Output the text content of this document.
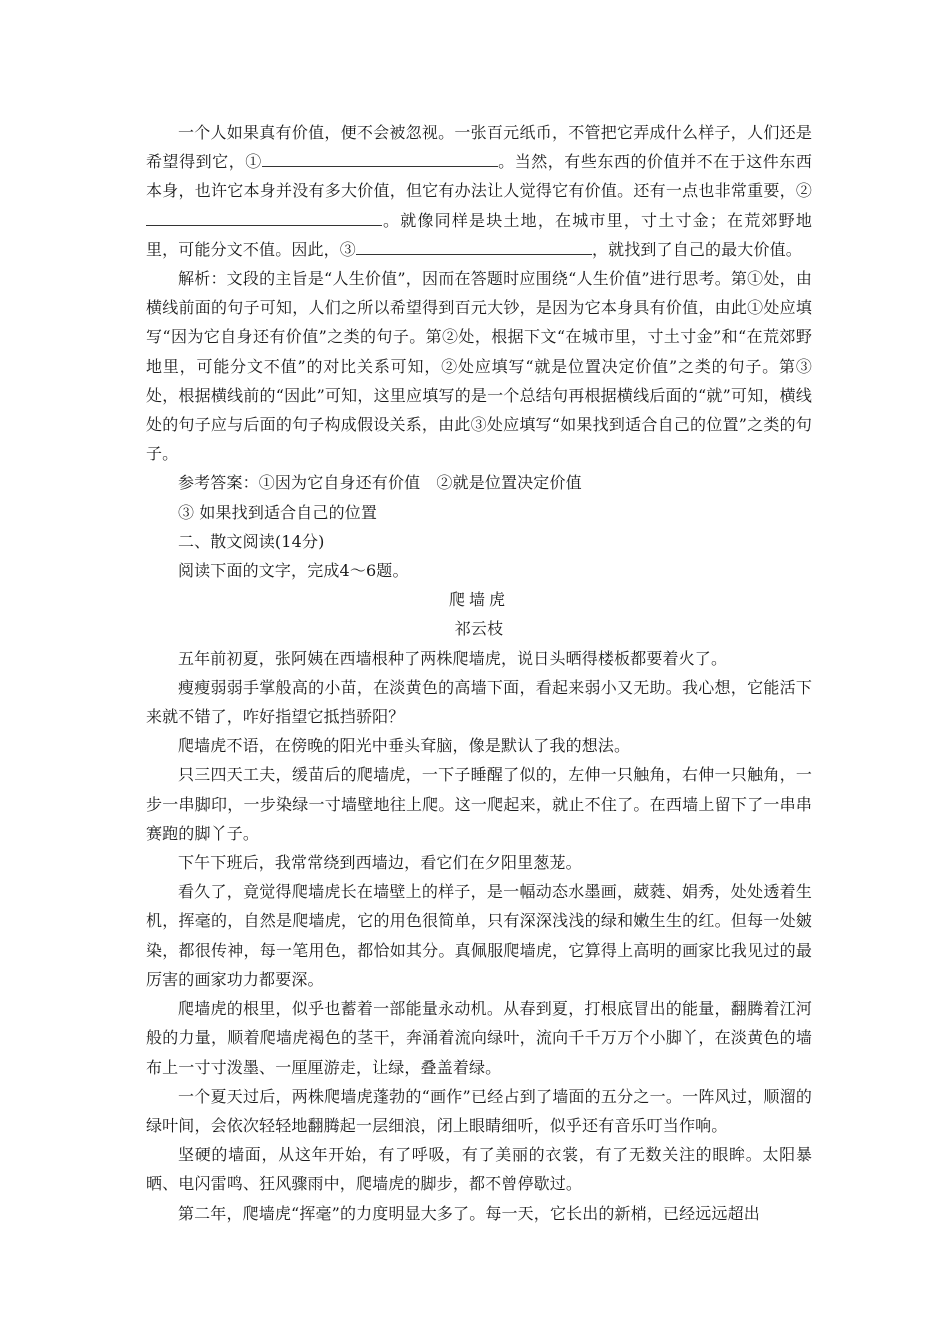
一个人如果真有价值，便不会被忽视。一张百元纸币，不管把它弄成什么样子，人们还是希望得到它，①	。当然，有些东西的价值并不在于这件东西本身，也许它本身并没有多大价值，但它有办法让人觉得它有价值。还有一点也非常重要，②。就像同样是块土地，在城市里，寸土寸金；在荒郊野地里，可能分文不值。因此，③	，就找到了自己的最大价值。

解析：文段的主旨是“人生价值”，因而在答题时应围绕“人生价值”进行思考。第①处，由横线前面的句子可知，人们之所以希望得到百元大钞，是因为它本身具有价值，由此①处应填写“因为它自身还有价值”之类的句子。第②处，根据下文“在城市里，寸土寸金”和“在荒郊野地里，可能分文不值”的对比关系可知，②处应填写“就是位置决定价值”之类的句子。第③处，根据横线前的“因此”可知，这里应填写的是一个总结句再根据横线后面的“就”可知，横线处的句子应与后面的句子构成假设关系，由此③处应填写“如果找到适合自己的位置”之类的句子。

参考答案：①因为它自身还有价值　②就是位置决定价值

③ 如果找到适合自己的位置

二、散文阅读(14分)

阅读下面的文字，完成4～6题。

爬墙虎

祁云枝

五年前初夏，张阿姨在西墙根种了两株爬墙虎，说日头晒得楼板都要着火了。

瘦瘦弱弱手掌般高的小苗，在淡黄色的高墙下面，看起来弱小又无助。我心想，它能活下来就不错了，咋好指望它抵挡骄阳？

爬墙虎不语，在傍晚的阳光中垂头耷脑，像是默认了我的想法。

只三四天工夫，缓苗后的爬墙虎，一下子睡醒了似的，左伸一只触角，右伸一只触角，一步一串脚印，一步染绿一寸墙壁地往上爬。这一爬起来，就止不住了。在西墙上留下了一串串赛跑的脚丫子。

下午下班后，我常常绕到西墙边，看它们在夕阳里葱茏。

看久了，竟觉得爬墙虎长在墙壁上的样子，是一幅动态水墨画，葳蕤、娟秀，处处透着生机，挥毫的，自然是爬墙虎，它的用色很简单，只有深深浅浅的绿和嫩生生的红。但每一处皴染，都很传神，每一笔用色，都恰如其分。真佩服爬墙虎，它算得上高明的画家比我见过的最厉害的画家功力都要深。

爬墙虎的根里，似乎也蓄着一部能量永动机。从春到夏，打根底冒出的能量，翻腾着江河般的力量，顺着爬墙虎褐色的茎干，奔涌着流向绿叶，流向千千万万个小脚丫，在淡黄色的墙布上一寸寸泼墨、一厘厘游走，让绿，叠盖着绿。

一个夏天过后，两株爬墙虎蓬勃的“画作”已经占到了墙面的五分之一。一阵风过，顺溜的绿叶间，会依次轻轻地翻腾起一层细浪，闭上眼睛细听，似乎还有音乐叮当作响。

坚硬的墙面，从这年开始，有了呼吸，有了美丽的衣裳，有了无数关注的眼眸。太阳暴晒、电闪雷鸣、狂风骤雨中，爬墙虎的脚步，都不曾停歇过。

第二年，爬墙虎“挥毫”的力度明显大多了。每一天，它长出的新梢，已经远远超出
